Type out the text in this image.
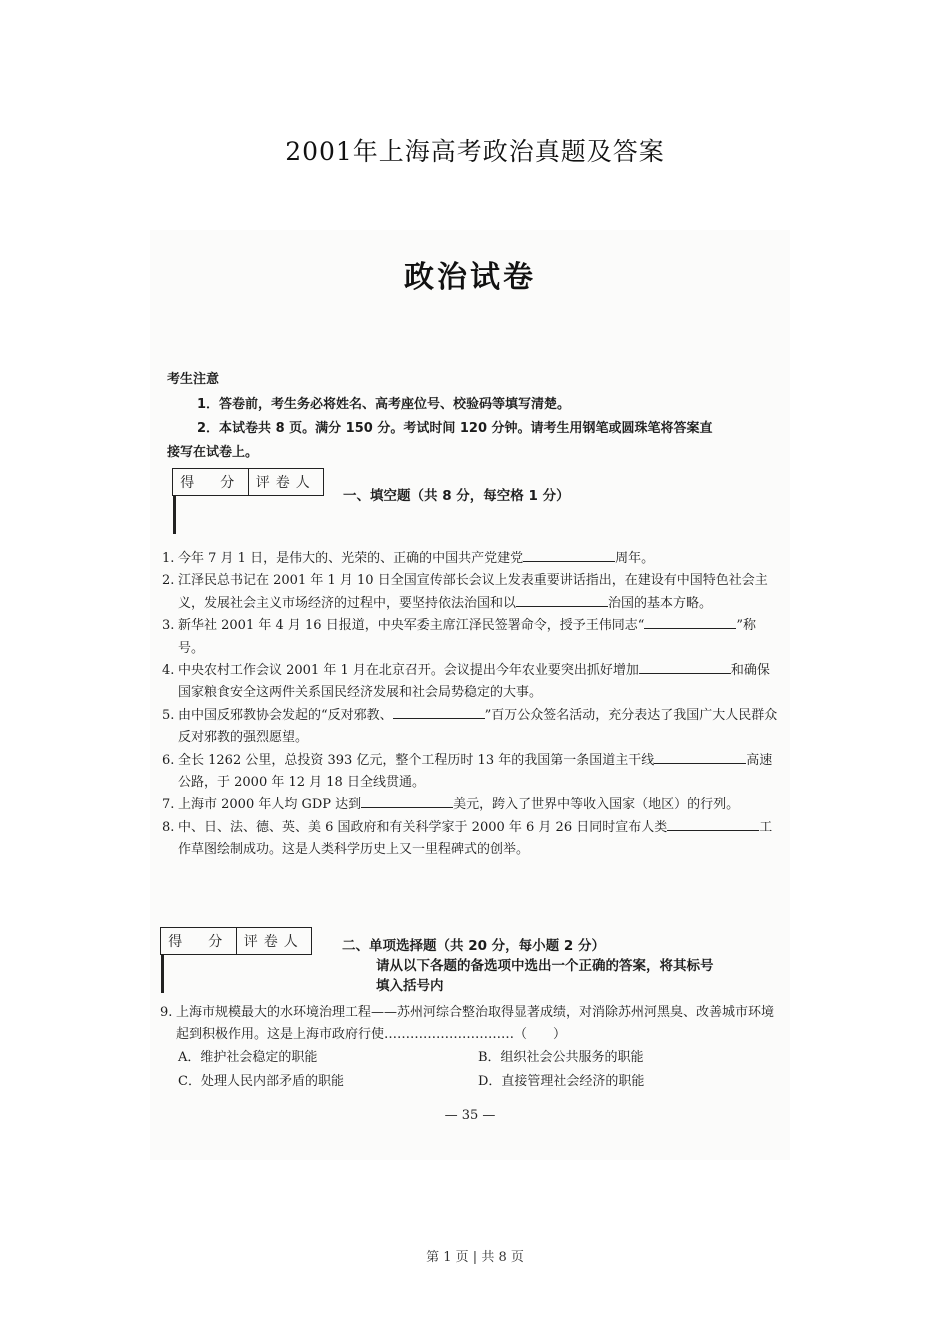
2001年上海高考政治真题及答案
政治试卷
考生注意
1．答卷前，考生务必将姓名、高考座位号、校验码等填写清楚。
2．本试卷共 8 页。满分 150 分。考试时间 120 分钟。请考生用钢笔或圆珠笔将答案直
接写在试卷上。
得　分	评卷人

一、填空题（共 8 分，每空格 1 分）
1. 今年 7 月 1 日，是伟大的、光荣的、正确的中国共产党建党	周年。
2. 江泽民总书记在 2001 年 1 月 10 日全国宣传部长会议上发表重要讲话指出，在建设有中国特色社会主义，发展社会主义市场经济的过程中，要坚持依法治国和以	治国的基本方略。
3. 新华社 2001 年 4 月 16 日报道，中央军委主席江泽民签署命令，授予王伟同志“	”称号。
4. 中央农村工作会议 2001 年 1 月在北京召开。会议提出今年农业要突出抓好增加	和确保国家粮食安全这两件关系国民经济发展和社会局势稳定的大事。
5. 由中国反邪教协会发起的“反对邪教、	”百万公众签名活动，充分表达了我国广大人民群众反对邪教的强烈愿望。
6. 全长 1262 公里，总投资 393 亿元，整个工程历时 13 年的我国第一条国道主干线	高速公路，于 2000 年 12 月 18 日全线贯通。
7. 上海市 2000 年人均 GDP 达到	美元，跨入了世界中等收入国家（地区）的行列。
8. 中、日、法、德、英、美 6 国政府和有关科学家于 2000 年 6 月 26 日同时宣布人类	工作草图绘制成功。这是人类科学历史上又一里程碑式的创举。
得　分	评卷人
		二、单项选择题（共 20 分，每小题 2 分）
请从以下各题的备选项中选出一个正确的答案，将其标号
填入括号内
9. 上海市规模最大的水环境治理工程——苏州河综合整治取得显著成绩，对消除苏州河黑臭、改善城市环境起到积极作用。这是上海市政府行使…………………………（　　）
A．维护社会稳定的职能	B．组织社会公共服务的职能
C．处理人民内部矛盾的职能	D．直接管理社会经济的职能
— 35 —
第 1 页 | 共 8 页
